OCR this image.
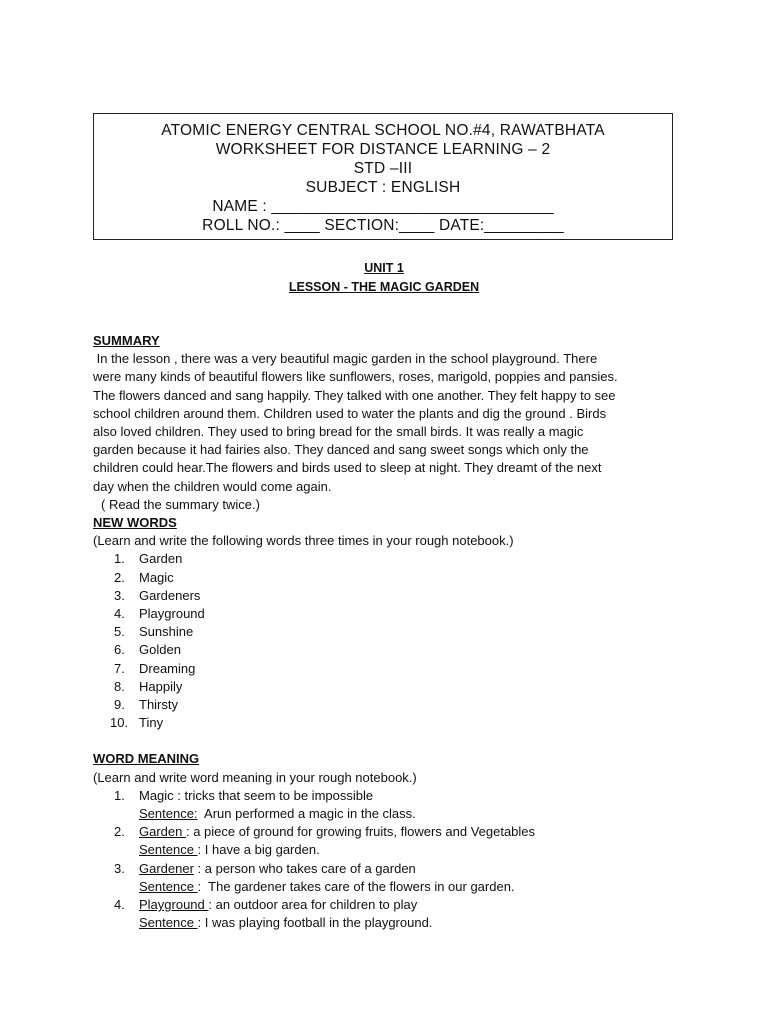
ATOMIC ENERGY CENTRAL SCHOOL NO.#4, RAWATBHATA
WORKSHEET FOR DISTANCE LEARNING – 2
STD –III
SUBJECT : ENGLISH
NAME : ________________________________
ROLL NO.: ____ SECTION:____ DATE:_________
UNIT 1
LESSON - THE MAGIC GARDEN
SUMMARY
In the lesson , there was a very beautiful magic garden in the school playground. There
were many kinds of beautiful flowers like sunflowers, roses, marigold, poppies and pansies.
The flowers danced and sang happily. They talked with one another. They felt happy to see
school children around them. Children used to water the plants and dig the ground . Birds
also loved children. They used to bring bread for the small birds. It was really a magic
garden because it had fairies also. They danced and sang sweet songs which only the
children could hear.The flowers and birds used to sleep at night. They dreamt of the next
day when the children would come again.
( Read the summary twice.)
NEW WORDS
(Learn and write the following words three times in your rough notebook.)
1.	Garden
2.	Magic
3.	Gardeners
4.	Playground
5.	Sunshine
6.	Golden
7.	Dreaming
8.	Happily
9.	Thirsty
10. Tiny
WORD MEANING
(Learn and write word meaning in your rough notebook.)
1.	Magic : tricks that seem to be impossible
Sentence:  Arun performed a magic in the class.
2.	Garden : a piece of ground for growing fruits, flowers and Vegetables
Sentence : I have a big garden.
3.	Gardener : a person who takes care of a garden
Sentence :  The gardener takes care of the flowers in our garden.
4.	Playground : an outdoor area for children to play
Sentence : I was playing football in the playground.
